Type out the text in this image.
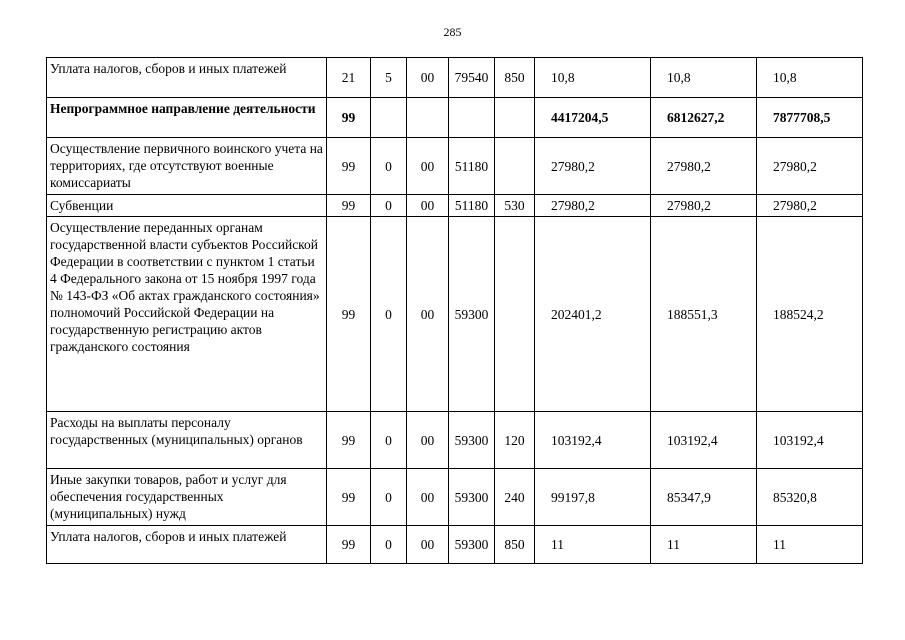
285
Уплата налогов, сборов и иных платежей	21	5	00	79540	850	10,8	10,8	10,8
Непрограммное направление деятельности	99					4417204,5	6812627,2	7877708,5
Осуществление первичного воинского учета на территориях, где отсутствуют военные комиссариаты	99	0	00	51180		27980,2	27980,2	27980,2
Субвенции	99	0	00	51180	530	27980,2	27980,2	27980,2
Осуществление переданных органам государственной власти субъектов Российской Федерации в соответствии с пунктом 1 статьи 4 Федерального закона от 15 ноября 1997 года № 143-ФЗ «Об актах гражданского состояния» полномочий Российской Федерации на государственную регистрацию актов гражданского состояния	99	0	00	59300		202401,2	188551,3	188524,2
Расходы на выплаты персоналу государственных (муниципальных) органов	99	0	00	59300	120	103192,4	103192,4	103192,4
Иные закупки товаров, работ и услуг для обеспечения государственных (муниципальных) нужд	99	0	00	59300	240	99197,8	85347,9	85320,8
Уплата налогов, сборов и иных платежей	99	0	00	59300	850	11	11	11
